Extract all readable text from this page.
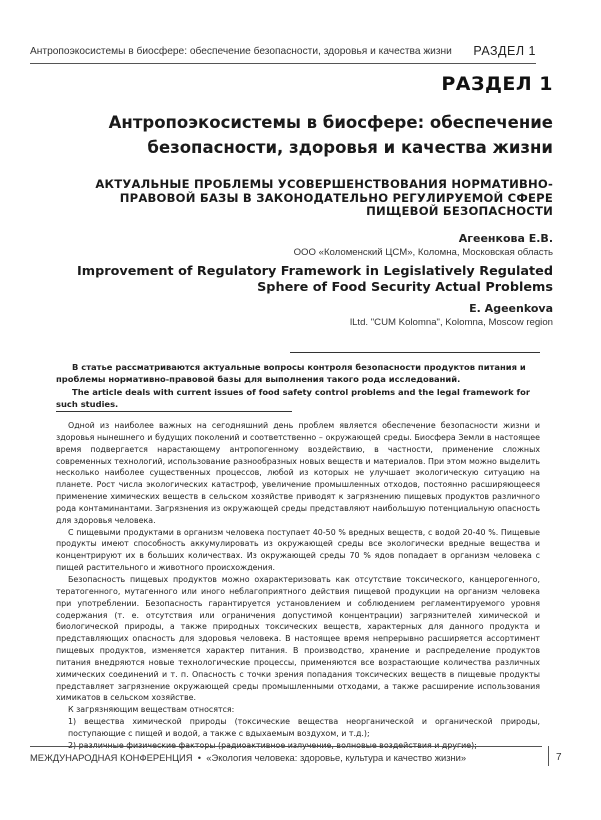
Антропоэкосистемы в биосфере: обеспечение безопасности, здоровья и качества жизни РАЗДЕЛ 1
РАЗДЕЛ 1
Антропоэкосистемы в биосфере: обеспечение безопасности, здоровья и качества жизни
АКТУАЛЬНЫЕ ПРОБЛЕМЫ УСОВЕРШЕНСТВОВАНИЯ НОРМАТИВНО-ПРАВОВОЙ БАЗЫ В ЗАКОНОДАТЕЛЬНО РЕГУЛИРУЕМОЙ СФЕРЕ ПИЩЕВОЙ БЕЗОПАСНОСТИ
Агеенкова Е.В.
ООО «Коломенский ЦСМ», Коломна, Московская область
Improvement of Regulatory Framework in Legislatively Regulated Sphere of Food Security Actual Problems
E. Ageenkova
lLtd. "CUM Kolomna", Kolomna, Moscow region

В статье рассматриваются актуальные вопросы контроля безопасности продуктов питания и проблемы нормативно-правовой базы для выполнения такого рода исследований.

The article deals with current issues of food safety control problems and the legal framework for such studies.

Одной из наиболее важных на сегодняшний день проблем является обеспечение безопасности жизни и здоровья нынешнего и будущих поколений и соответственно – окружающей среды. Биосфера Земли в настоящее время подвергается нарастающему антропогенному воздействию, в частности, применение сложных современных технологий, использование разнообразных новых веществ и материалов. При этом можно выделить несколько наиболее существенных процессов, любой из которых не улучшает экологическую ситуацию на планете. Рост числа экологических катастроф, увеличение промышленных отходов, постоянно расширяющееся применение химических веществ в сельском хозяйстве приводят к загрязнению пищевых продуктов различного рода контаминантами. Загрязнения из окружающей среды представляют наибольшую потенциальную опасность для здоровья человека.

С пищевыми продуктами в организм человека поступает 40-50 % вредных веществ, с водой 20-40 %. Пищевые продукты имеют способность аккумулировать из окружающей среды все экологически вредные вещества и концентрируют их в больших количествах. Из окружающей среды 70 % ядов попадает в организм человека с пищей растительного и животного происхождения.

Безопасность пищевых продуктов можно охарактеризовать как отсутствие токсического, канцерогенного, тератогенного, мутагенного или иного неблагоприятного действия пищевой продукции на организм человека при употреблении. Безопасность гарантируется установлением и соблюдением регламентируемого уровня содержания (т. е. отсутствия или ограничения допустимой концентрации) загрязнителей химической и биологической природы, а также природных токсических веществ, характерных для данного продукта и представляющих опасность для здоровья человека. В настоящее время непрерывно расширяется ассортимент пищевых продуктов, изменяется характер питания. В производство, хранение и распределение продуктов питания внедряются новые технологические процессы, применяются все возрастающие количества различных химических соединений и т. п. Опасность с точки зрения попадания токсических веществ в пищевые продукты представляет загрязнение окружающей среды промышленными отходами, а также расширение использования химикатов в сельском хозяйстве.

К загрязняющим веществам относятся:

1) вещества химической природы (токсические вещества неорганической и органической природы, поступающие с пищей и водой, а также с вдыхаемым воздухом, и т.д.);

2) различные физические факторы (радиоактивное излучение, волновые воздействия и другие);

МЕЖДУНАРОДНАЯ КОНФЕРЕНЦИЯ  •  «Экология человека: здоровье, культура и качество жизни»	7
